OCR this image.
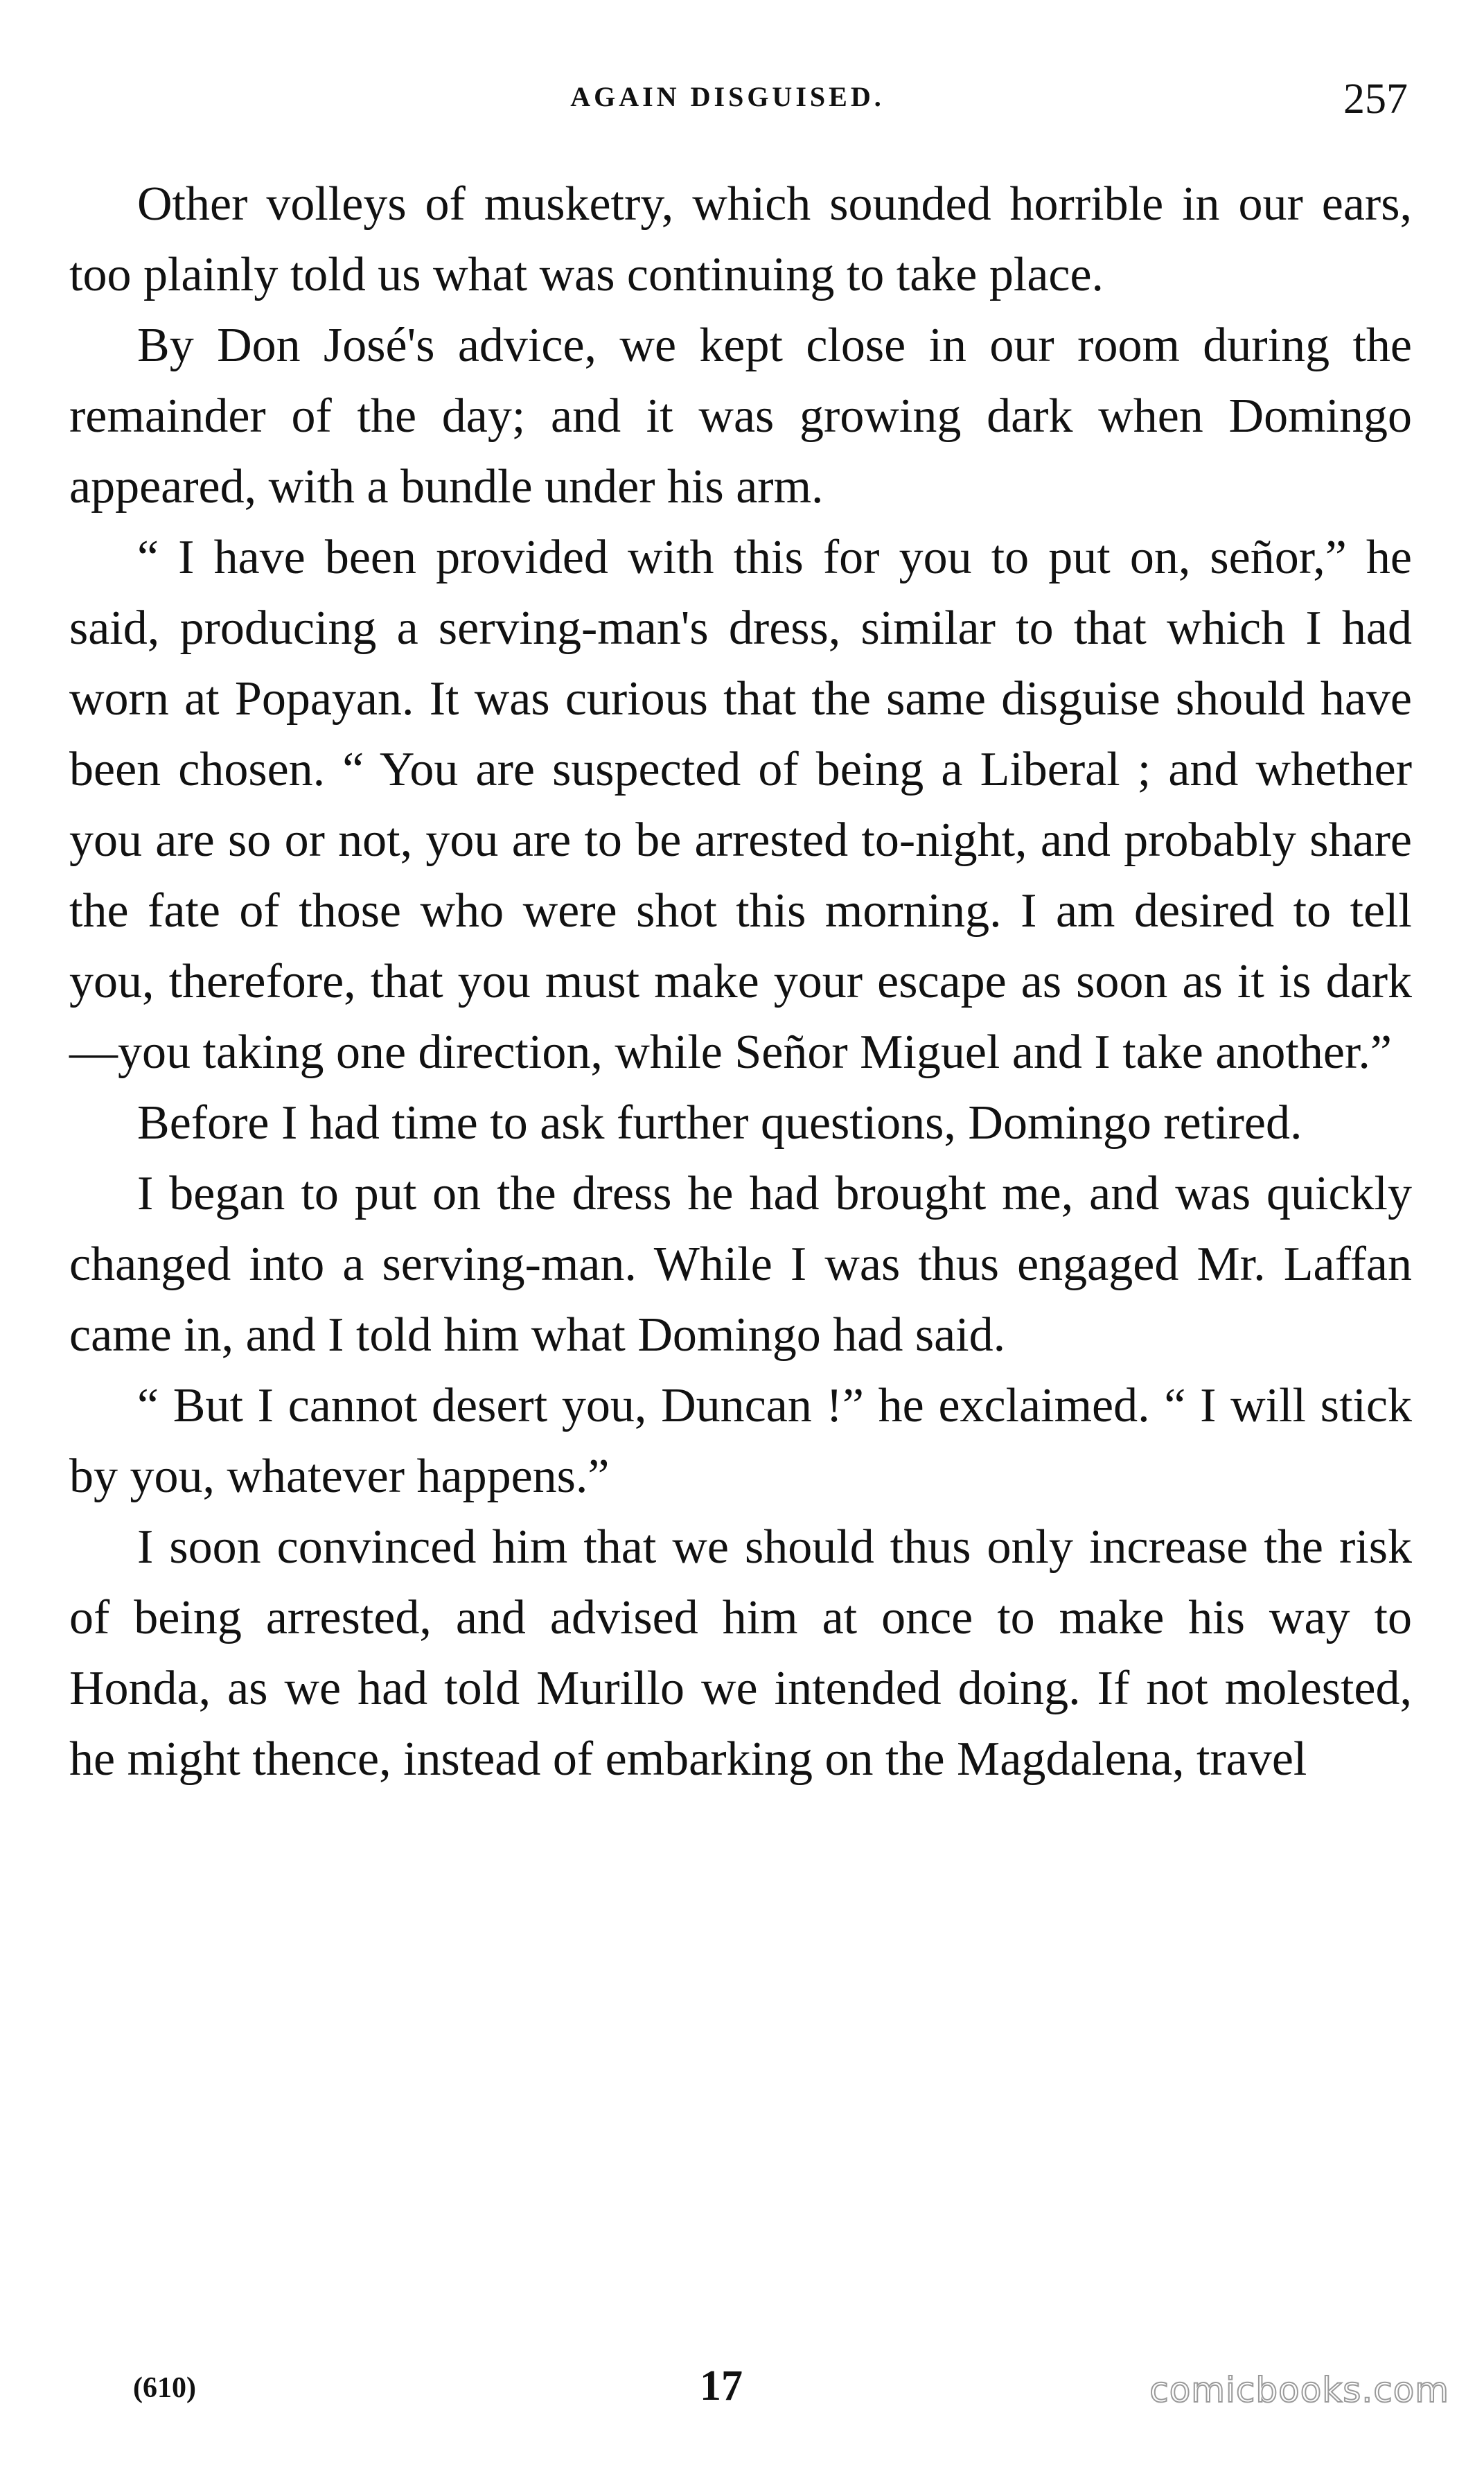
AGAIN DISGUISED.	257

Other volleys of musketry, which sounded horrible in our ears, too plainly told us what was continuing to take place.

By Don José's advice, we kept close in our room during the remainder of the day; and it was growing dark when Domingo appeared, with a bundle under his arm.

“ I have been provided with this for you to put on, señor,” he said, producing a serving-man's dress, similar to that which I had worn at Popayan. It was curious that the same disguise should have been chosen. “ You are suspected of being a Liberal ; and whether you are so or not, you are to be arrested to-night, and probably share the fate of those who were shot this morning. I am desired to tell you, therefore, that you must make your escape as soon as it is dark —you taking one direction, while Señor Miguel and I take another.”

Before I had time to ask further questions, Domingo retired.

I began to put on the dress he had brought me, and was quickly changed into a serving-man. While I was thus engaged Mr. Laffan came in, and I told him what Domingo had said.

“ But I cannot desert you, Duncan !” he exclaimed. “ I will stick by you, whatever happens.”

I soon convinced him that we should thus only increase the risk of being arrested, and advised him at once to make his way to Honda, as we had told Murillo we intended doing. If not molested, he might thence, instead of embarking on the Magdalena, travel

(610)	17	comicbooks.com
